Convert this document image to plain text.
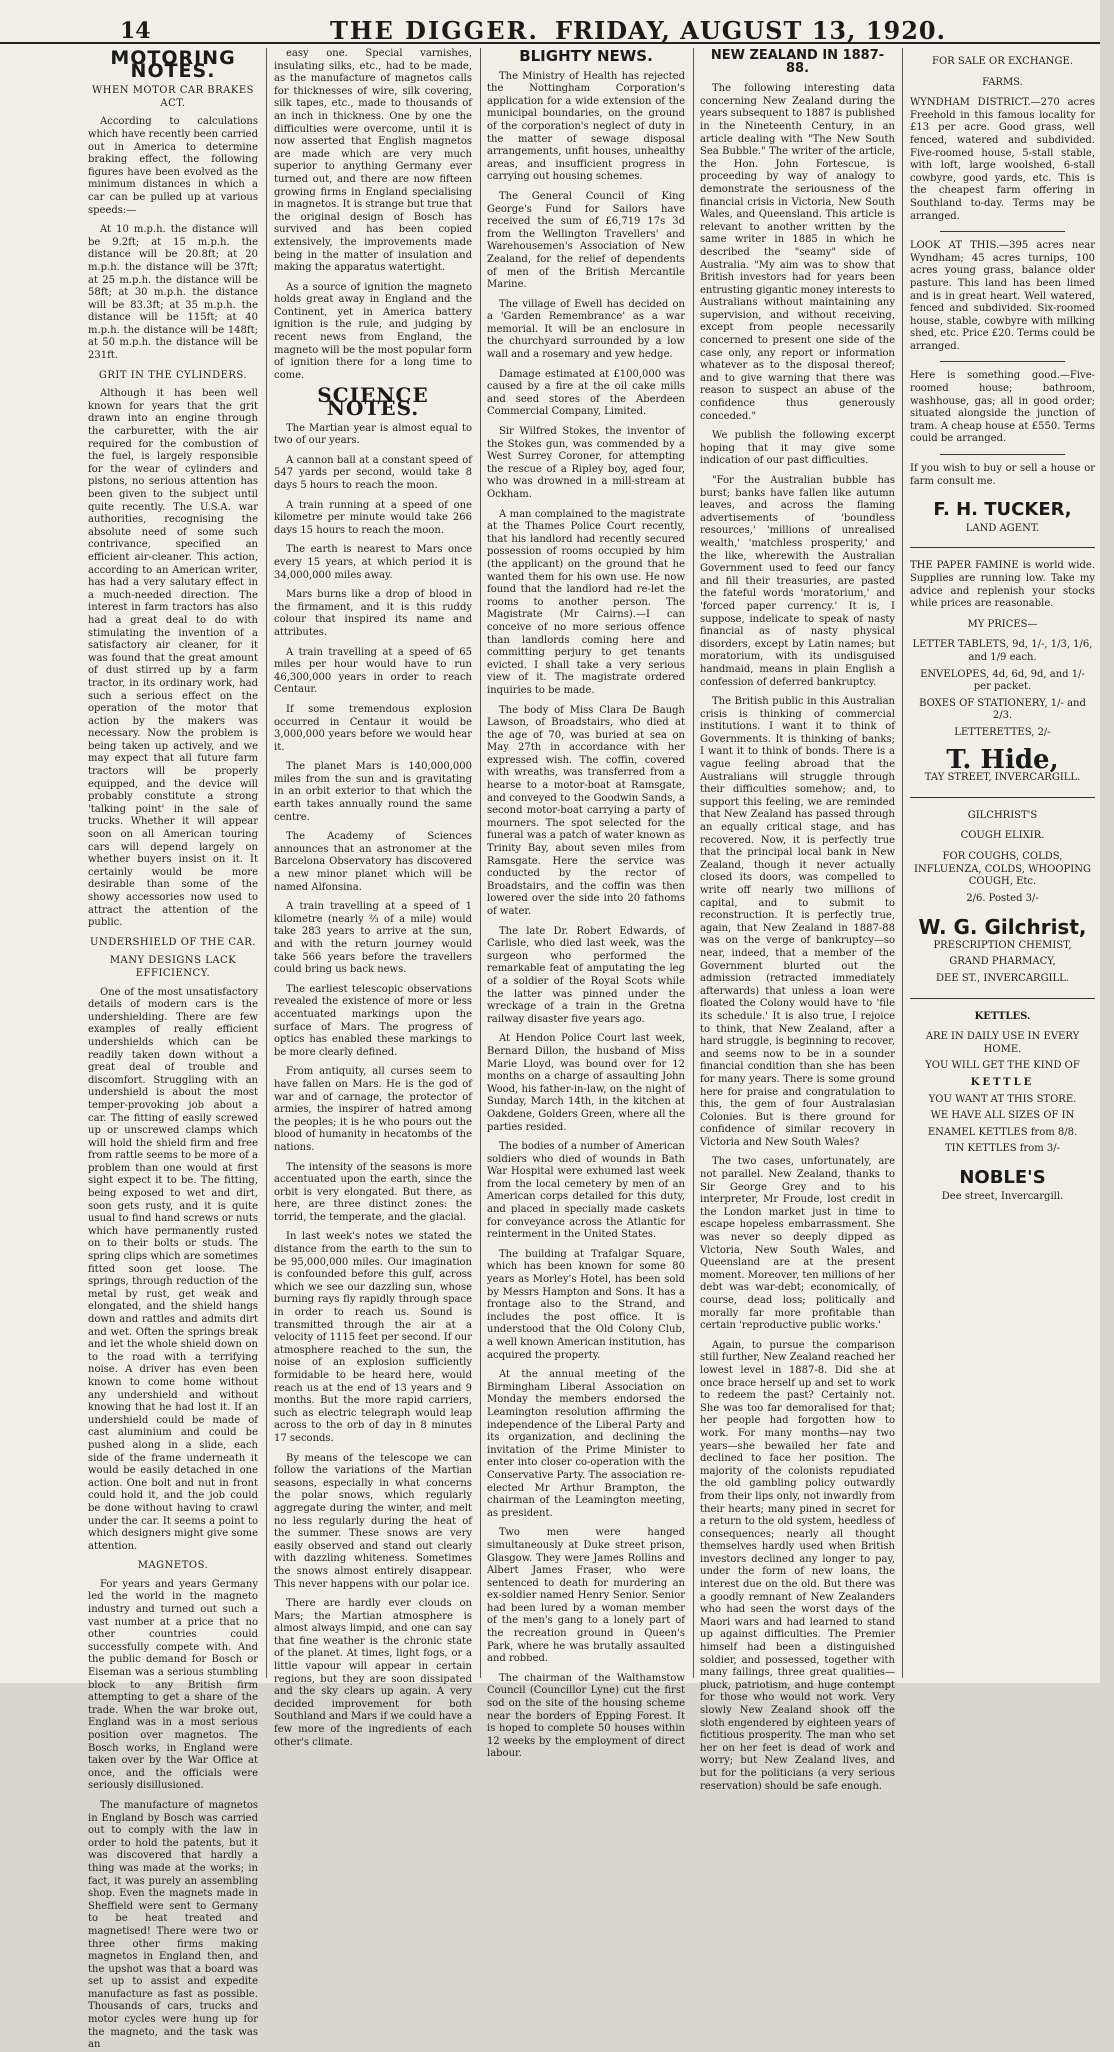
14	THE DIGGER. FRIDAY, AUGUST 13, 1920.
MOTORING NOTES.

WHEN MOTOR CAR BRAKES ACT.

According to calculations which have recently been carried out in America to determine braking effect, the following figures have been evolved as the minimum distances in which a car can be pulled up at various speeds:—

At 10 m.p.h. the distance will be 9.2ft; at 15 m.p.h. the distance will be 20.8ft; at 20 m.p.h. the distance will be 37ft; at 25 m.p.h. the distance will be 58ft; at 30 m.p.h. the distance will be 83.3ft; at 35 m.p.h. the distance will be 115ft; at 40 m.p.h. the distance will be 148ft; at 50 m.p.h. the distance will be 231ft.

GRIT IN THE CYLINDERS.

Although it has been well known for years that the grit drawn into an engine through the carburetter, with the air required for the combustion of the fuel, is largely responsible for the wear of cylinders and pistons, no serious attention has been given to the subject until quite recently. The U.S.A. war authorities, recognising the absolute need of some such contrivance, specified an efficient air-cleaner. This action, according to an American writer, has had a very salutary effect in a much-needed direction. The interest in farm tractors has also had a great deal to do with stimulating the invention of a satisfactory air cleaner, for it was found that the great amount of dust stirred up by a farm tractor, in its ordinary work, had such a serious effect on the operation of the motor that action by the makers was necessary. Now the problem is being taken up actively, and we may expect that all future farm tractors will be properly equipped, and the device will probably constitute a strong 'talking point' in the sale of trucks. Whether it will appear soon on all American touring cars will depend largely on whether buyers insist on it. It certainly would be more desirable than some of the showy accessories now used to attract the attention of the public.

UNDERSHIELD OF THE CAR.

MANY DESIGNS LACK EFFICIENCY.

One of the most unsatisfactory details of modern cars is the undershielding. There are few examples of really efficient undershields which can be readily taken down without a great deal of trouble and discomfort. Struggling with an undershield is about the most temper-provoking job about a car. The fitting of easily screwed up or unscrewed clamps which will hold the shield firm and free from rattle seems to be more of a problem than one would at first sight expect it to be. The fitting, being exposed to wet and dirt, soon gets rusty, and it is quite usual to find hand screws or nuts which have permanently rusted on to their bolts or studs. The spring clips which are sometimes fitted soon get loose. The springs, through reduction of the metal by rust, get weak and elongated, and the shield hangs down and rattles and admits dirt and wet. Often the springs break and let the whole shield down on to the road with a terrifying noise. A driver has even been known to come home without any undershield and without knowing that he had lost it. If an undershield could be made of cast aluminium and could be pushed along in a slide, each side of the frame underneath it would be easily detached in one action. One bolt and nut in front could hold it, and the job could be done without having to crawl under the car. It seems a point to which designers might give some attention.

MAGNETOS.

For years and years Germany led the world in the magneto industry and turned out such a vast number at a price that no other countries could successfully compete with. And the public demand for Bosch or Eiseman was a serious stumbling block to any British firm attempting to get a share of the trade. When the war broke out, England was in a most serious position over magnetos. The Bosch works, in England were taken over by the War Office at once, and the officials were seriously disillusioned.

The manufacture of magnetos in England by Bosch was carried out to comply with the law in order to hold the patents, but it was discovered that hardly a thing was made at the works; in fact, it was purely an assembling shop. Even the magnets made in Sheffield were sent to Germany to be heat treated and magnetised! There were two or three other firms making magnetos in England then, and the upshot was that a board was set up to assist and expedite manufacture as fast as possible. Thousands of cars, trucks and motor cycles were hung up for the magneto, and the task was an

easy one. Special varnishes, insulating silks, etc., had to be made, as the manufacture of magnetos calls for thicknesses of wire, silk covering, silk tapes, etc., made to thousands of an inch in thickness. One by one the difficulties were overcome, until it is now asserted that English magnetos are made which are very much superior to anything Germany ever turned out, and there are now fifteen growing firms in England specialising in magnetos. It is strange but true that the original design of Bosch has survived and has been copied extensively, the improvements made being in the matter of insulation and making the apparatus watertight.

As a source of ignition the magneto holds great away in England and the Continent, yet in America battery ignition is the rule, and judging by recent news from England, the magneto will be the most popular form of ignition there for a long time to come.

SCIENCE NOTES.

The Martian year is almost equal to two of our years.

A cannon ball at a constant speed of 547 yards per second, would take 8 days 5 hours to reach the moon.

A train running at a speed of one kilometre per minute would take 266 days 15 hours to reach the moon.

The earth is nearest to Mars once every 15 years, at which period it is 34,000,000 miles away.

Mars burns like a drop of blood in the firmament, and it is this ruddy colour that inspired its name and attributes.

A train travelling at a speed of 65 miles per hour would have to run 46,300,000 years in order to reach Centaur.

If some tremendous explosion occurred in Centaur it would be 3,000,000 years before we would hear it.

The planet Mars is 140,000,000 miles from the sun and is gravitating in an orbit exterior to that which the earth takes annually round the same centre.

The Academy of Sciences announces that an astronomer at the Barcelona Observatory has discovered a new minor planet which will be named Alfonsina.

A train travelling at a speed of 1 kilometre (nearly ⅔ of a mile) would take 283 years to arrive at the sun, and with the return journey would take 566 years before the travellers could bring us back news.

The earliest telescopic observations revealed the existence of more or less accentuated markings upon the surface of Mars. The progress of optics has enabled these markings to be more clearly defined.

From antiquity, all curses seem to have fallen on Mars. He is the god of war and of carnage, the protector of armies, the inspirer of hatred among the peoples; it is he who pours out the blood of humanity in hecatombs of the nations.

The intensity of the seasons is more accentuated upon the earth, since the orbit is very elongated. But there, as here, are three distinct zones: the torrid, the temperate, and the glacial.

In last week's notes we stated the distance from the earth to the sun to be 95,000,000 miles. Our imagination is confounded before this gulf, across which we see our dazzling sun, whose burning rays fly rapidly through space in order to reach us. Sound is transmitted through the air at a velocity of 1115 feet per second. If our atmosphere reached to the sun, the noise of an explosion sufficiently formidable to be heard here, would reach us at the end of 13 years and 9 months. But the more rapid carriers, such as electric telegraph would leap across to the orb of day in 8 minutes 17 seconds.

By means of the telescope we can follow the variations of the Martian seasons, especially in what concerns the polar snows, which regularly aggregate during the winter, and melt no less regularly during the heat of the summer. These snows are very easily observed and stand out clearly with dazzling whiteness. Sometimes the snows almost entirely disappear. This never happens with our polar ice.

There are hardly ever clouds on Mars; the Martian atmosphere is almost always limpid, and one can say that fine weather is the chronic state of the planet. At times, light fogs, or a little vapour will appear in certain regions, but they are soon dissipated and the sky clears up again. A very decided improvement for both Southland and Mars if we could have a few more of the ingredients of each other's climate.

BLIGHTY NEWS.

The Ministry of Health has rejected the Nottingham Corporation's application for a wide extension of the municipal boundaries, on the ground of the corporation's neglect of duty in the matter of sewage disposal arrangements, unfit houses, unhealthy areas, and insufficient progress in carrying out housing schemes.

The General Council of King George's Fund for Sailors have received the sum of £6,719 17s 3d from the Wellington Travellers' and Warehousemen's Association of New Zealand, for the relief of dependents of men of the British Mercantile Marine.

The village of Ewell has decided on a 'Garden Remembrance' as a war memorial. It will be an enclosure in the churchyard surrounded by a low wall and a rosemary and yew hedge.

Damage estimated at £100,000 was caused by a fire at the oil cake mills and seed stores of the Aberdeen Commercial Company, Limited.

Sir Wilfred Stokes, the inventor of the Stokes gun, was commended by a West Surrey Coroner, for attempting the rescue of a Ripley boy, aged four, who was drowned in a mill-stream at Ockham.

A man complained to the magistrate at the Thames Police Court recently, that his landlord had recently secured possession of rooms occupied by him (the applicant) on the ground that he wanted them for his own use. He now found that the landlord had re-let the rooms to another person. The Magistrate (Mr Cairns).—I can conceive of no more serious offence than landlords coming here and committing perjury to get tenants evicted. I shall take a very serious view of it. The magistrate ordered inquiries to be made.

The body of Miss Clara De Baugh Lawson, of Broadstairs, who died at the age of 70, was buried at sea on May 27th in accordance with her expressed wish. The coffin, covered with wreaths, was transferred from a hearse to a motor-boat at Ramsgate, and conveyed to the Goodwin Sands, a second motor-boat carrying a party of mourners. The spot selected for the funeral was a patch of water known as Trinity Bay, about seven miles from Ramsgate. Here the service was conducted by the rector of Broadstairs, and the coffin was then lowered over the side into 20 fathoms of water.

The late Dr. Robert Edwards, of Carlisle, who died last week, was the surgeon who performed the remarkable feat of amputating the leg of a soldier of the Royal Scots while the latter was pinned under the wreckage of a train in the Gretna railway disaster five years ago.

At Hendon Police Court last week, Bernard Dillon, the husband of Miss Marie Lloyd, was bound over for 12 months on a charge of assaulting John Wood, his father-in-law, on the night of Sunday, March 14th, in the kitchen at Oakdene, Golders Green, where all the parties resided.

The bodies of a number of American soldiers who died of wounds in Bath War Hospital were exhumed last week from the local cemetery by men of an American corps detailed for this duty, and placed in specially made caskets for conveyance across the Atlantic for reinterment in the United States.

The building at Trafalgar Square, which has been known for some 80 years as Morley's Hotel, has been sold by Messrs Hampton and Sons. It has a frontage also to the Strand, and includes the post office. It is understood that the Old Colony Club, a well known American institution, has acquired the property.

At the annual meeting of the Birmingham Liberal Association on Monday the members endorsed the Leamington resolution affirming the independence of the Liberal Party and its organization, and declining the invitation of the Prime Minister to enter into closer co-operation with the Conservative Party. The association re-elected Mr Arthur Brampton, the chairman of the Leamington meeting, as president.

Two men were hanged simultaneously at Duke street prison, Glasgow. They were James Rollins and Albert James Fraser, who were sentenced to death for murdering an ex-soldier named Henry Senior. Senior had been lured by a woman member of the men's gang to a lonely part of the recreation ground in Queen's Park, where he was brutally assaulted and robbed.

The chairman of the Walthamstow Council (Councillor Lyne) cut the first sod on the site of the housing scheme near the borders of Epping Forest. It is hoped to complete 50 houses within 12 weeks by the employment of direct labour.

NEW ZEALAND IN 1887-88.

The following interesting data concerning New Zealand during the years subsequent to 1887 is published in the Nineteenth Century, in an article dealing with "The New South Sea Bubble." The writer of the article, the Hon. John Fortescue, is proceeding by way of analogy to demonstrate the seriousness of the financial crisis in Victoria, New South Wales, and Queensland. This article is relevant to another written by the same writer in 1885 in which he described the "seamy" side of Australia. "My aim was to show that British investors had for years been entrusting gigantic money interests to Australians without maintaining any supervision, and without receiving, except from people necessarily concerned to present one side of the case only, any report or information whatever as to the disposal thereof; and to give warning that there was reason to suspect an abuse of the confidence thus generously conceded."

We publish the following excerpt hoping that it may give some indication of our past difficulties.

"For the Australian bubble has burst; banks have fallen like autumn leaves, and across the flaming advertisements of 'boundless resources,' 'millions of unrealised wealth,' 'matchless prosperity,' and the like, wherewith the Australian Government used to feed our fancy and fill their treasuries, are pasted the fateful words 'moratorium,' and 'forced paper currency.' It is, I suppose, indelicate to speak of nasty financial as of nasty physical disorders, except by Latin names; but moratorium, with its undisguised handmaid, means in plain English a confession of deferred bankruptcy.

The British public in this Australian crisis is thinking of commercial institutions. I want it to think of Governments. It is thinking of banks; I want it to think of bonds. There is a vague feeling abroad that the Australians will struggle through their difficulties somehow; and, to support this feeling, we are reminded that New Zealand has passed through an equally critical stage, and has recovered. Now, it is perfectly true that the principal local bank in New Zealand, though it never actually closed its doors, was compelled to write off nearly two millions of capital, and to submit to reconstruction. It is perfectly true, again, that New Zealand in 1887-88 was on the verge of bankruptcy—so near, indeed, that a member of the Government blurted out the admission (retracted immediately afterwards) that unless a loan were floated the Colony would have to 'file its schedule.' It is also true, I rejoice to think, that New Zealand, after a hard struggle, is beginning to recover, and seems now to be in a sounder financial condition than she has been for many years. There is some ground here for praise and congratulation to this, the gem of four Australasian Colonies. But is there ground for confidence of similar recovery in Victoria and New South Wales?

The two cases, unfortunately, are not parallel. New Zealand, thanks to Sir George Grey and to his interpreter, Mr Froude, lost credit in the London market just in time to escape hopeless embarrassment. She was never so deeply dipped as Victoria, New South Wales, and Queensland are at the present moment. Moreover, ten millions of her debt was war-debt; economically, of course, dead loss; politically and morally far more profitable than certain 'reproductive public works.'

Again, to pursue the comparison still further, New Zealand reached her lowest level in 1887-8. Did she at once brace herself up and set to work to redeem the past? Certainly not. She was too far demoralised for that; her people had forgotten how to work. For many months—nay two years—she bewailed her fate and declined to face her position. The majority of the colonists repudiated the old gambling policy outwardly from their lips only, not inwardly from their hearts; many pined in secret for a return to the old system, heedless of consequences; nearly all thought themselves hardly used when British investors declined any longer to pay, under the form of new loans, the interest due on the old. But there was a goodly remnant of New Zealanders who had seen the worst days of the Maori wars and had learned to stand up against difficulties. The Premier himself had been a distinguished soldier, and possessed, together with many failings, three great qualities—pluck, patriotism, and huge contempt for those who would not work. Very slowly New Zealand shook off the sloth engendered by eighteen years of fictitious prosperity. The man who set her on her feet is dead of work and worry; but New Zealand lives, and but for the politicians (a very serious reservation) should be safe enough.

FOR SALE OR EXCHANGE.
FARMS.

WYNDHAM DISTRICT.—270 acres Freehold in this famous locality for £13 per acre. Good grass, well fenced, watered and subdivided. Five-roomed house, 5-stall stable, with loft, large woolshed, 6-stall cowbyre, good yards, etc. This is the cheapest farm offering in Southland to-day. Terms may be arranged.

LOOK AT THIS.—395 acres near Wyndham; 45 acres turnips, 100 acres young grass, balance older pasture. This land has been limed and is in great heart. Well watered, fenced and subdivided. Six-roomed house, stable, cowbyre with milking shed, etc. Price £20. Terms could be arranged.

Here is something good.—Five-roomed house; bathroom, washhouse, gas; all in good order; situated alongside the junction of tram. A cheap house at £550. Terms could be arranged.

If you wish to buy or sell a house or farm consult me.

F. H. TUCKER,
LAND AGENT.

THE PAPER FAMINE is world wide. Supplies are running low. Take my advice and replenish your stocks while prices are reasonable.

MY PRICES—
LETTER TABLETS, 9d, 1/-, 1/3, 1/6, and 1/9 each.
ENVELOPES, 4d, 6d, 9d, and 1/- per packet.
BOXES OF STATIONERY, 1/- and 2/3.
LETTERETTES, 2/-
T. Hide,
TAY STREET, INVERCARGILL.
GILCHRIST'S
COUGH ELIXIR.
FOR COUGHS, COLDS, INFLUENZA, COLDS, WHOOPING COUGH, Etc.
2/6. Posted 3/-
W. G. Gilchrist,
PRESCRIPTION CHEMIST,
GRAND PHARMACY,
DEE ST., INVERCARGILL.
KETTLES.
ARE IN DAILY USE IN EVERY HOME.
YOU WILL GET THE KIND OF
KETTLE
YOU WANT AT THIS STORE.
WE HAVE ALL SIZES OF IN
ENAMEL KETTLES from 8/8.
TIN KETTLES from 3/-
NOBLE'S
Dee street, Invercargill.
